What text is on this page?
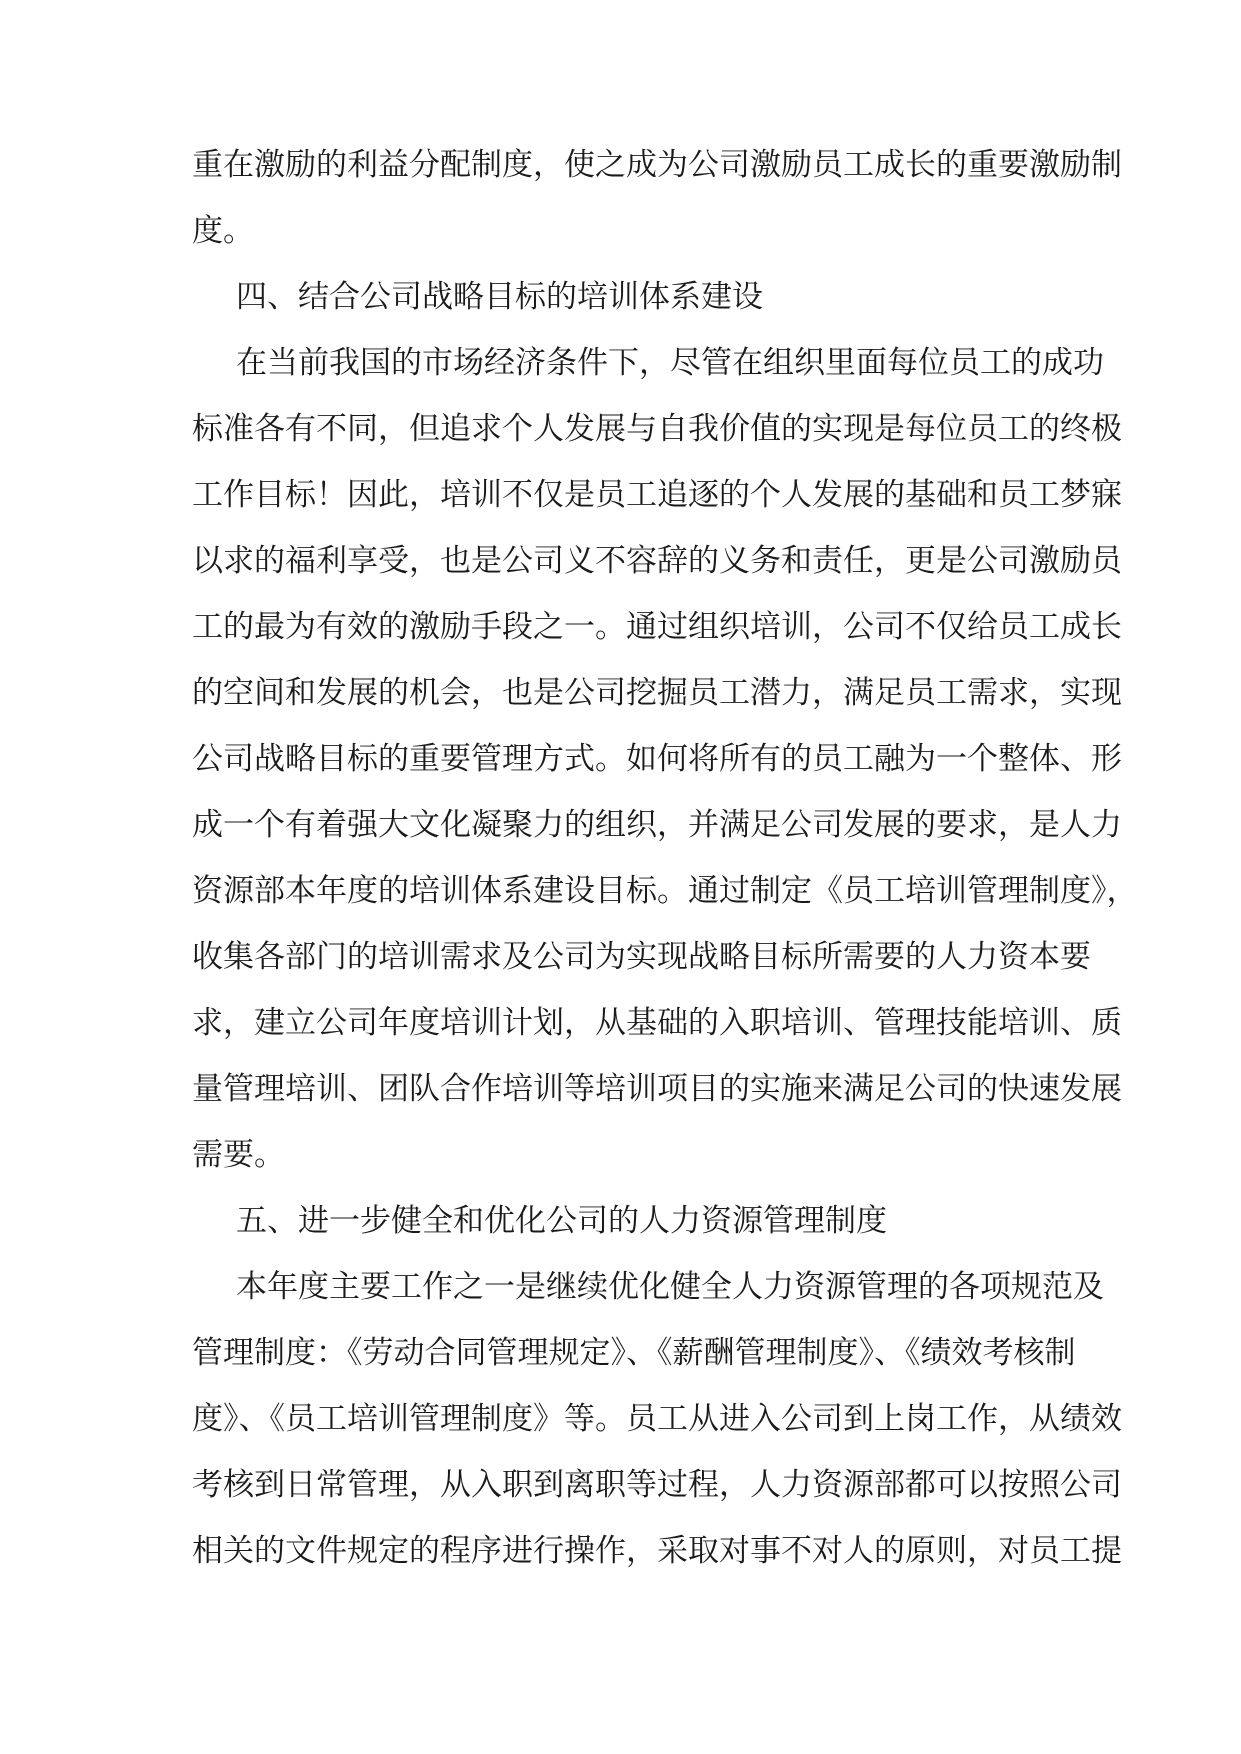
重在激励的利益分配制度，使之成为公司激励员工成长的重要激励制
度。
四、结合公司战略目标的培训体系建设
在当前我国的市场经济条件下，尽管在组织里面每位员工的成功
标准各有不同，但追求个人发展与自我价值的实现是每位员工的终极
工作目标！因此，培训不仅是员工追逐的个人发展的基础和员工梦寐
以求的福利享受，也是公司义不容辞的义务和责任，更是公司激励员
工的最为有效的激励手段之一。通过组织培训，公司不仅给员工成长
的空间和发展的机会，也是公司挖掘员工潜力，满足员工需求，实现
公司战略目标的重要管理方式。如何将所有的员工融为一个整体、形
成一个有着强大文化凝聚力的组织，并满足公司发展的要求，是人力
资源部本年度的培训体系建设目标。通过制定《员工培训管理制度》，
收集各部门的培训需求及公司为实现战略目标所需要的人力资本要
求，建立公司年度培训计划，从基础的入职培训、管理技能培训、质
量管理培训、团队合作培训等培训项目的实施来满足公司的快速发展
需要。
五、进一步健全和优化公司的人力资源管理制度
本年度主要工作之一是继续优化健全人力资源管理的各项规范及
管理制度：《劳动合同管理规定》、《薪酬管理制度》、《绩效考核制
度》、《员工培训管理制度》等。员工从进入公司到上岗工作，从绩效
考核到日常管理，从入职到离职等过程，人力资源部都可以按照公司
相关的文件规定的程序进行操作，采取对事不对人的原则，对员工提
